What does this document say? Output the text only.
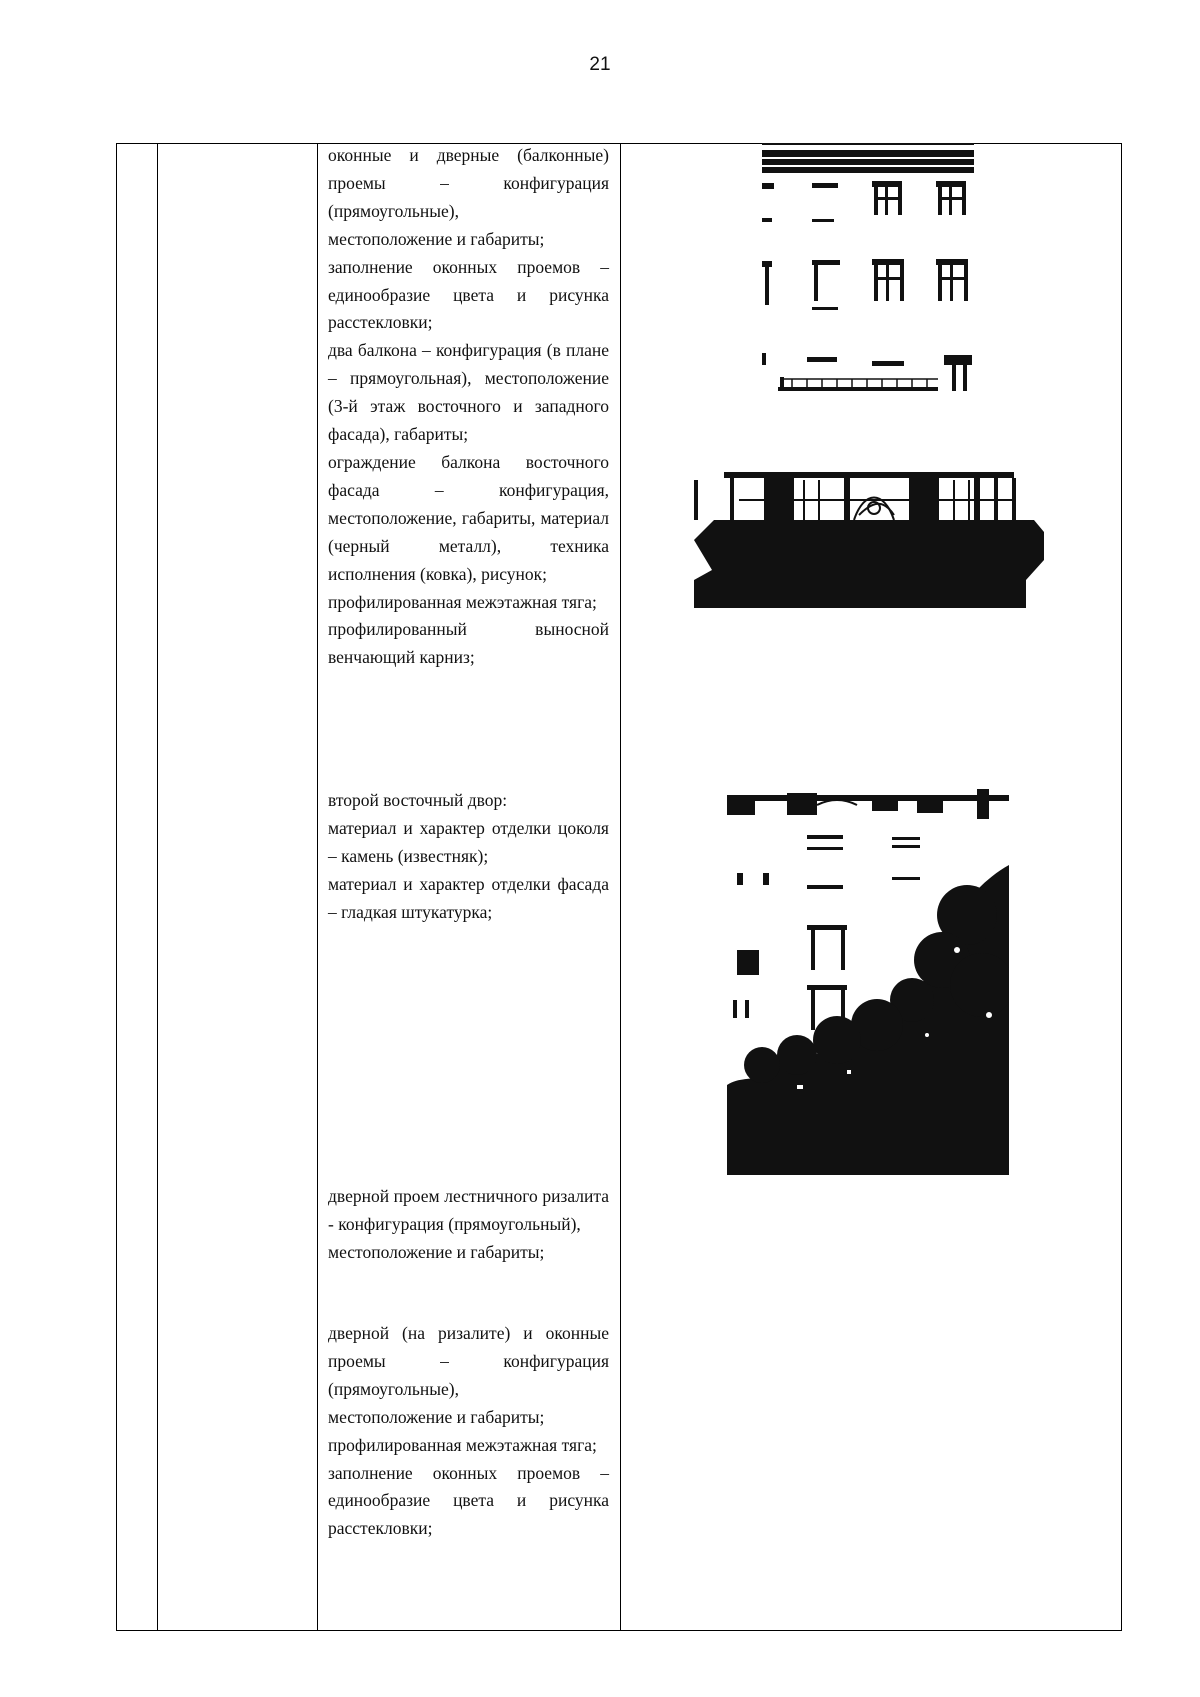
21

оконные и дверные (балконные) проемы – конфигурация (прямоугольные),

местоположение и габариты;

заполнение оконных проемов – единообразие цвета и рисунка расстекловки;

два балкона – конфигурация (в плане – прямоугольная), местоположение (3-й этаж восточного и западного фасада), габариты;

ограждение балкона восточного фасада – конфигурация, местоположение, габариты, материал (черный металл), техника исполнения (ковка), рисунок;

профилированная межэтажная тяга;

профилированный выносной венчающий карниз;

второй восточный двор:

материал и характер отделки цоколя – камень (известняк);

материал и характер отделки фасада – гладкая штукатурка;

дверной проем лестничного ризалита - конфигурация (прямоугольный),

местоположение и габариты;

дверной (на ризалите) и оконные проемы – конфигурация (прямоугольные),

местоположение и габариты;

профилированная межэтажная тяга;

заполнение оконных проемов – единообразие цвета и рисунка расстекловки;
